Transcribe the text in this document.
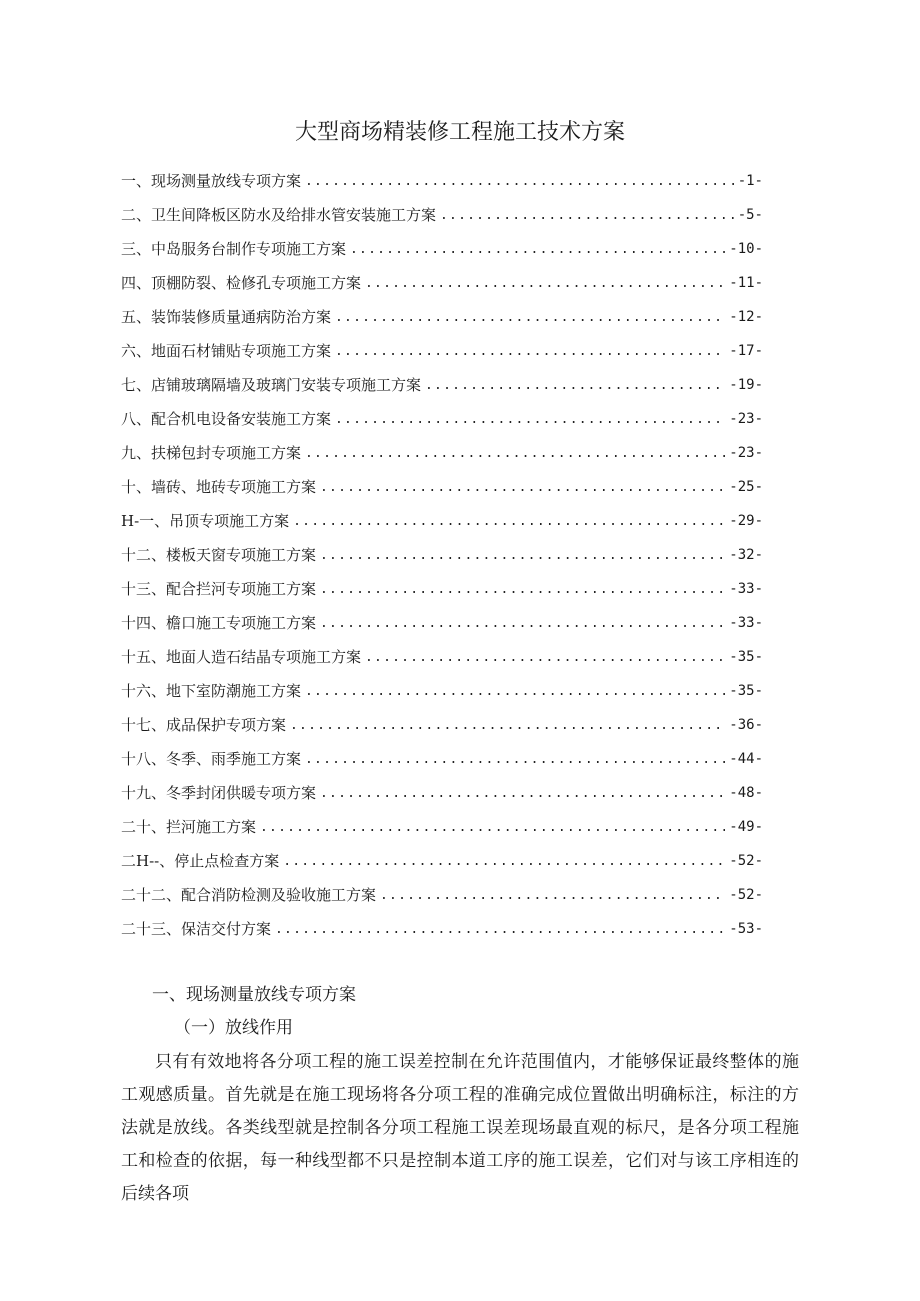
大型商场精装修工程施工技术方案
一、现场测量放线专项方案 .....	-1-
二、卫生间降板区防水及给排水管安装施工方案 .....	-5-
三、中岛服务台制作专项施工方案 .....	-10-
四、顶棚防裂、检修孔专项施工方案 .....	-11-
五、装饰装修质量通病防治方案 .....	-12-
六、地面石材铺贴专项施工方案 .....	-17-
七、店铺玻璃隔墙及玻璃门安装专项施工方案 .....	-19-
八、配合机电设备安装施工方案 .....	-23-
九、扶梯包封专项施工方案 .....	-23-
十、墙砖、地砖专项施工方案 .....	-25-
H-一、吊顶专项施工方案 .....	-29-
十二、楼板天窗专项施工方案 .....	-32-
十三、配合拦河专项施工方案 .....	-33-
十四、檐口施工专项施工方案 .....	-33-
十五、地面人造石结晶专项施工方案 .....	-35-
十六、地下室防潮施工方案 .....	-35-
十七、成品保护专项方案 .....	-36-
十八、冬季、雨季施工方案 .....	-44-
十九、冬季封闭供暖专项方案 .....	-48-
二十、拦河施工方案 .....	-49-
二H--、停止点检查方案 .....	-52-
二十二、配合消防检测及验收施工方案 .....	-52-
二十三、保洁交付方案 .....	-53-
一、现场测量放线专项方案
（一）放线作用

只有有效地将各分项工程的施工误差控制在允许范围值内，才能够保证最终整体的施工观感质量。首先就是在施工现场将各分项工程的准确完成位置做出明确标注，标注的方法就是放线。各类线型就是控制各分项工程施工误差现场最直观的标尺，是各分项工程施工和检查的依据，每一种线型都不只是控制本道工序的施工误差，它们对与该工序相连的后续各项
